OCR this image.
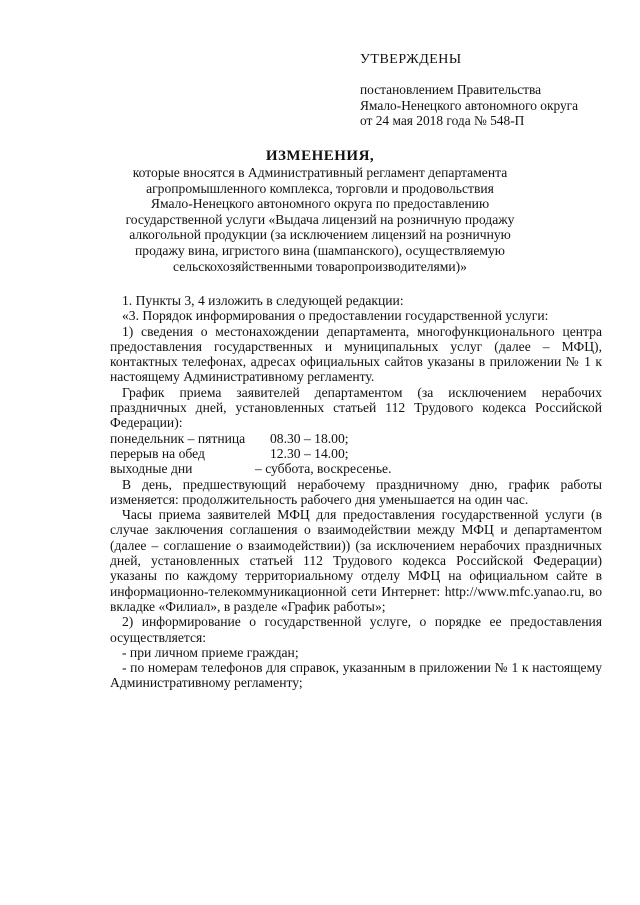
УТВЕРЖДЕНЫ
постановлением Правительства
Ямало-Ненецкого автономного округа
от 24 мая 2018 года № 548-П
ИЗМЕНЕНИЯ,
которые вносятся в Административный регламент департамента
агропромышленного комплекса, торговли и продовольствия
Ямало-Ненецкого автономного округа по предоставлению
государственной услуги «Выдача лицензий на розничную продажу
алкогольной продукции (за исключением лицензий на розничную
продажу вина, игристого вина (шампанского), осуществляемую
сельскохозяйственными товаропроизводителями)»

1. Пункты 3, 4 изложить в следующей редакции:

«3. Порядок информирования о предоставлении государственной услуги:

1) сведения о местонахождении департамента, многофункционального центра предоставления государственных и муниципальных услуг (далее – МФЦ), контактных телефонах, адресах официальных сайтов указаны в приложении № 1 к настоящему Административному регламенту.

График приема заявителей департаментом (за исключением нерабочих праздничных дней, установленных статьей 112 Трудового кодекса Российской Федерации):

понедельник – пятница 08.30 – 18.00;
перерыв на обед	12.30 – 14.00;
выходные дни	– суббота, воскресенье.

В день, предшествующий нерабочему праздничному дню, график работы изменяется: продолжительность рабочего дня уменьшается на один час.

Часы приема заявителей МФЦ для предоставления государственной услуги (в случае заключения соглашения о взаимодействии между МФЦ и департаментом (далее – соглашение о взаимодействии)) (за исключением нерабочих праздничных дней, установленных статьей 112 Трудового кодекса Российской Федерации) указаны по каждому территориальному отделу МФЦ на официальном сайте в информационно-телекоммуникационной сети Интернет: http://www.mfc.yanao.ru, во вкладке «Филиал», в разделе «График работы»;

2) информирование о государственной услуге, о порядке ее предоставления осуществляется:

- при личном приеме граждан;

- по номерам телефонов для справок, указанным в приложении № 1 к настоящему Административному регламенту;
